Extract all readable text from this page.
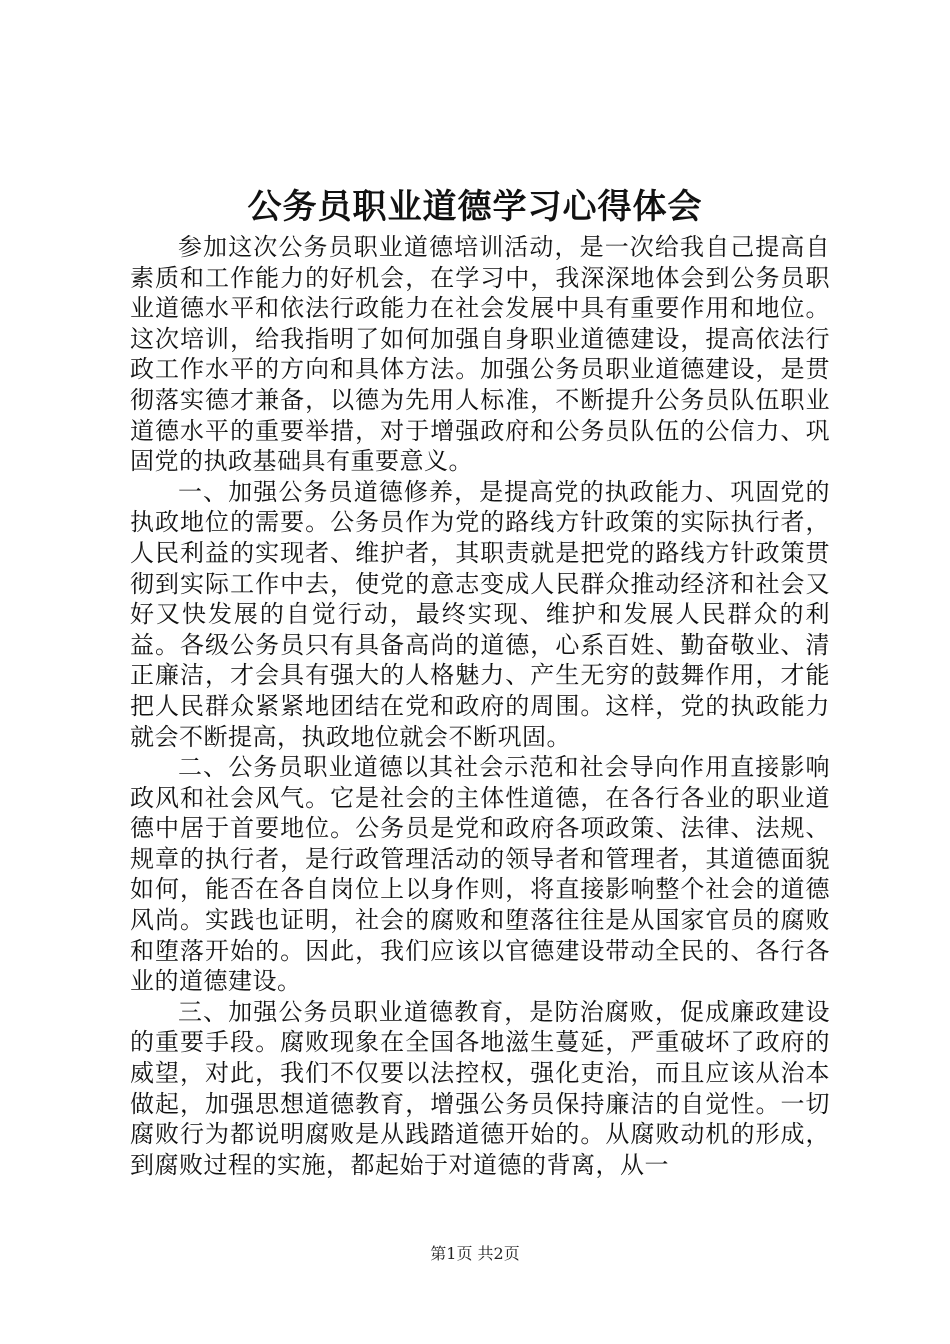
公务员职业道德学习心得体会

参加这次公务员职业道德培训活动，是一次给我自己提高自素质和工作能力的好机会，在学习中，我深深地体会到公务员职业道德水平和依法行政能力在社会发展中具有重要作用和地位。这次培训，给我指明了如何加强自身职业道德建设，提高依法行政工作水平的方向和具体方法。加强公务员职业道德建设，是贯彻落实德才兼备，以德为先用人标准，不断提升公务员队伍职业道德水平的重要举措，对于增强政府和公务员队伍的公信力、巩固党的执政基础具有重要意义。

一、加强公务员道德修养，是提高党的执政能力、巩固党的执政地位的需要。公务员作为党的路线方针政策的实际执行者，人民利益的实现者、维护者，其职责就是把党的路线方针政策贯彻到实际工作中去，使党的意志变成人民群众推动经济和社会又好又快发展的自觉行动，最终实现、维护和发展人民群众的利益。各级公务员只有具备高尚的道德，心系百姓、勤奋敬业、清正廉洁，才会具有强大的人格魅力、产生无穷的鼓舞作用，才能把人民群众紧紧地团结在党和政府的周围。这样，党的执政能力就会不断提高，执政地位就会不断巩固。

二、公务员职业道德以其社会示范和社会导向作用直接影响政风和社会风气。它是社会的主体性道德，在各行各业的职业道德中居于首要地位。公务员是党和政府各项政策、法律、法规、规章的执行者，是行政管理活动的领导者和管理者，其道德面貌如何，能否在各自岗位上以身作则，将直接影响整个社会的道德风尚。实践也证明，社会的腐败和堕落往往是从国家官员的腐败和堕落开始的。因此，我们应该以官德建设带动全民的、各行各业的道德建设。

三、加强公务员职业道德教育，是防治腐败，促成廉政建设的重要手段。腐败现象在全国各地滋生蔓延，严重破坏了政府的威望，对此，我们不仅要以法控权，强化吏治，而且应该从治本做起，加强思想道德教育，增强公务员保持廉洁的自觉性。一切腐败行为都说明腐败是从践踏道德开始的。从腐败动机的形成，到腐败过程的实施，都起始于对道德的背离，从一

第1页 共2页
